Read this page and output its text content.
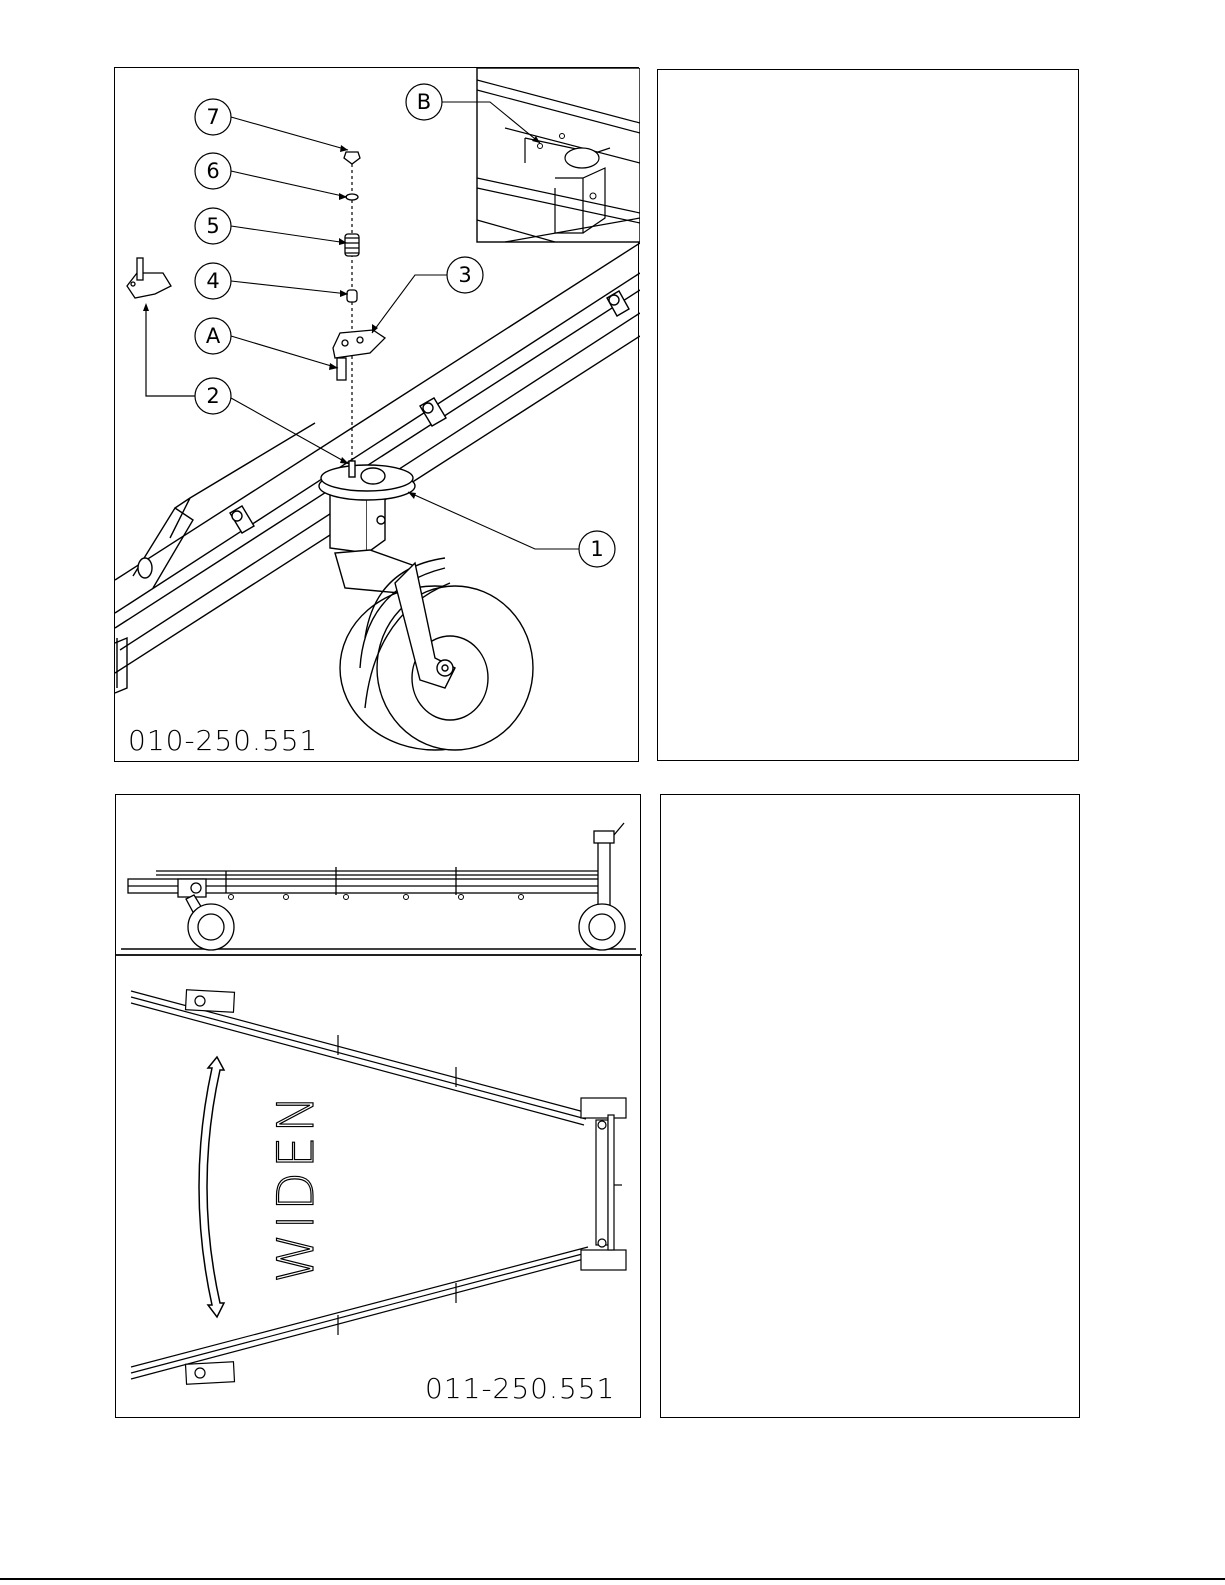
7
6
5
4
A
2
3
B
1
010-250.551
WIDEN
011-250.551
